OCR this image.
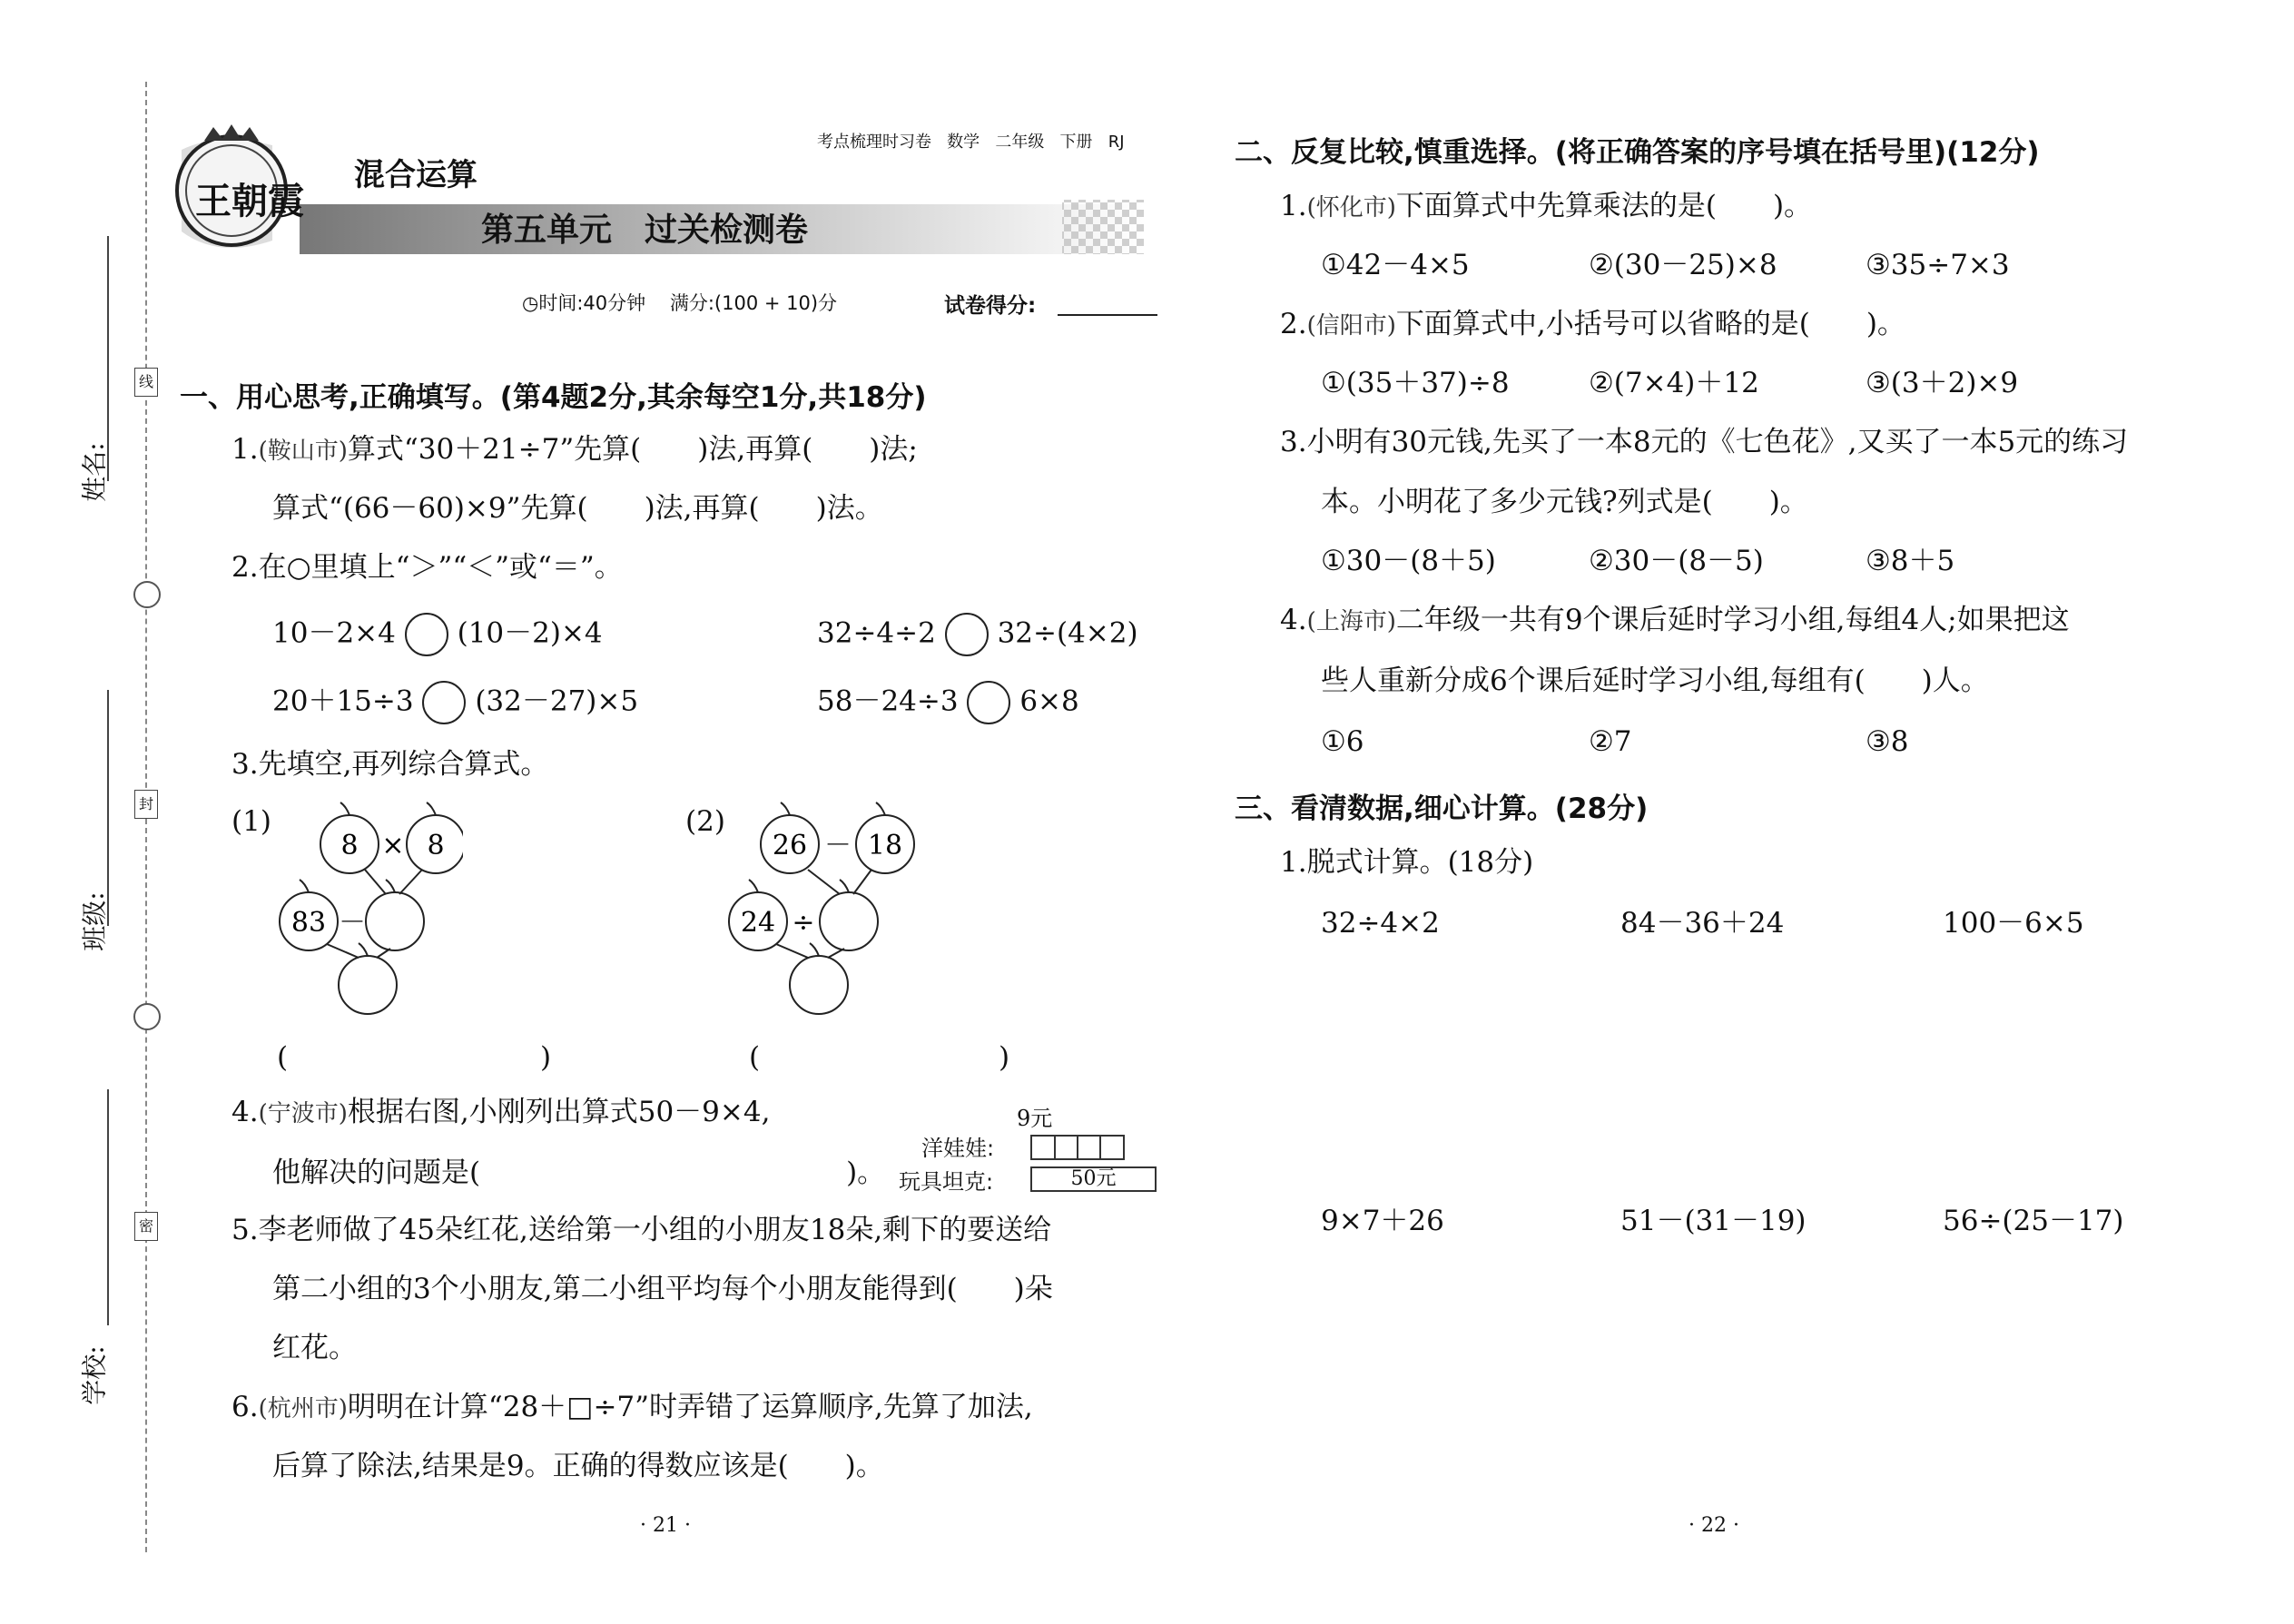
姓名:
班级:
学校:
线
封
密
王朝霞
混合运算
考点梳理时习卷 数学 二年级 下册 RJ
第五单元　过关检测卷
◷时间:40分钟 满分:(100 + 10)分	试卷得分:
一、用心思考,正确填写。(第4题2分,其余每空1分,共18分)
1.(鞍山市)算式“30＋21÷7”先算(　　)法,再算(　　)法;
算式“(66－60)×9”先算(　　)法,再算(　　)法。
2.在○里填上“＞”“＜”或“＝”。
10－2×4 (10－2)×4	32÷4÷2 32÷(4×2)
20＋15÷3 (32－27)×5	58－24÷3 6×8
3.先填空,再列综合算式。
(1)
8 × 8
83 －
(2)
26 － 18
24 ÷
(	)	(	)
4.(宁波市)根据右图,小刚列出算式50－9×4,
他解决的问题是(　　　　　　　　　　　　　)。
9元
洋娃娃:
玩具坦克:	50元
5.李老师做了45朵红花,送给第一小组的小朋友18朵,剩下的要送给
第二小组的3个小朋友,第二小组平均每个小朋友能得到(　　)朵
红花。
6.(杭州市)明明在计算“28＋□÷7”时弄错了运算顺序,先算了加法,
后算了除法,结果是9。正确的得数应该是(　　)。
· 21 ·
二、反复比较,慎重选择。(将正确答案的序号填在括号里)(12分)
1.(怀化市)下面算式中先算乘法的是(　　)。
①42－4×5	②(30－25)×8	③35÷7×3
2.(信阳市)下面算式中,小括号可以省略的是(　　)。
①(35＋37)÷8	②(7×4)＋12	③(3＋2)×9
3.小明有30元钱,先买了一本8元的《七色花》,又买了一本5元的练习
本。小明花了多少元钱?列式是(　　)。
①30－(8＋5)	②30－(8－5)	③8＋5
4.(上海市)二年级一共有9个课后延时学习小组,每组4人;如果把这
些人重新分成6个课后延时学习小组,每组有(　　)人。
①6	②7	③8
三、看清数据,细心计算。(28分)
1.脱式计算。(18分)
32÷4×2	84－36＋24	100－6×5
9×7＋26	51－(31－19)	56÷(25－17)
· 22 ·
